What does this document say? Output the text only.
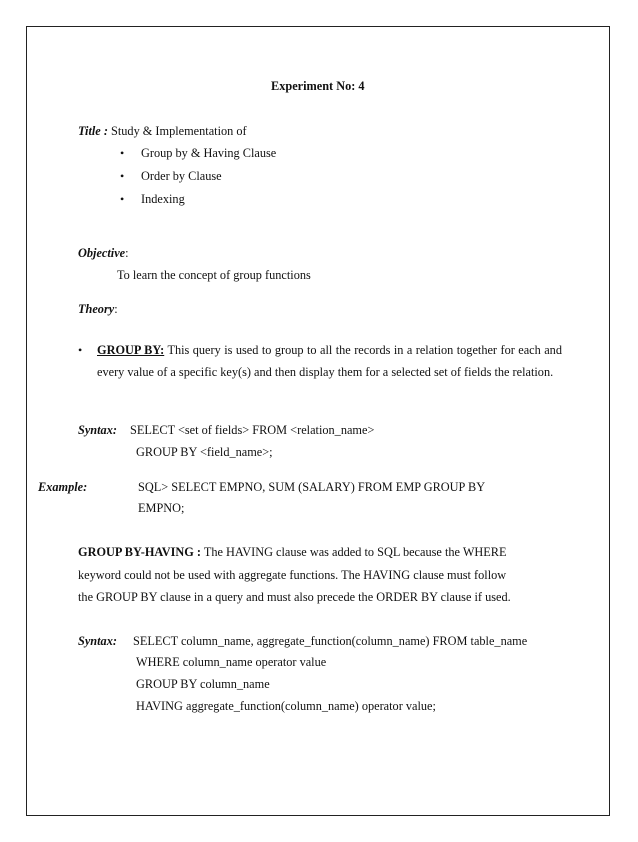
Experiment No: 4
Title : Study & Implementation of
• Group by & Having Clause
• Order by Clause
• Indexing
Objective:
To learn the concept of group functions
Theory:
• GROUP BY: This query is used to group to all the records in a relation together for each and every value of a specific key(s) and then display them for a selected set of fields the relation.
Syntax: SELECT <set of fields> FROM <relation_name>
GROUP BY <field_name>;
Example:	SQL> SELECT EMPNO, SUM (SALARY) FROM EMP GROUP BY
EMPNO;
GROUP BY-HAVING : The HAVING clause was added to SQL because the WHERE
keyword could not be used with aggregate functions. The HAVING clause must follow
the GROUP BY clause in a query and must also precede the ORDER BY clause if used.
Syntax: SELECT column_name, aggregate_function(column_name) FROM table_name
WHERE column_name operator value
GROUP BY column_name
HAVING aggregate_function(column_name) operator value;
